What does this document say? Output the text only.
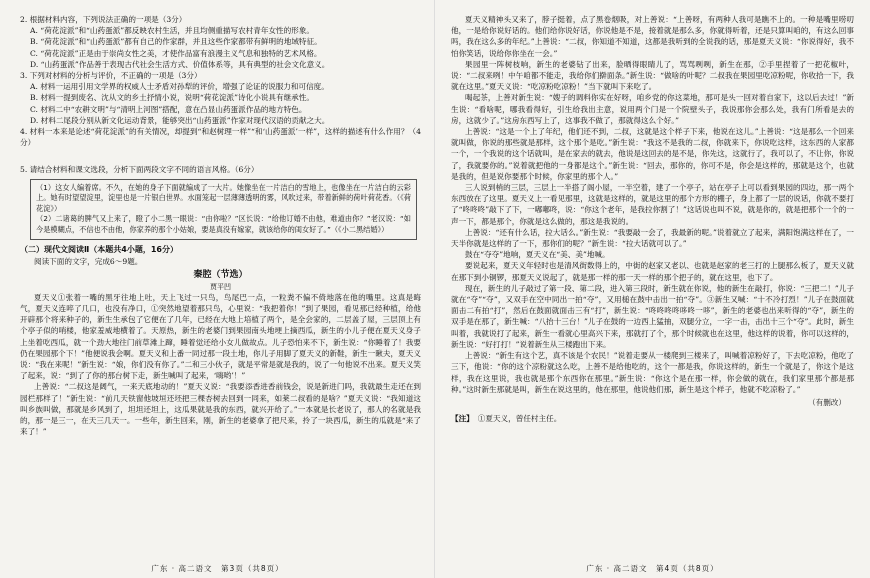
2. 根据材料内容，下列说法正确的一项是（3分）

A. “荷花淀派”和“山药蛋派”都反映农村生活，并且均侧重描写农村青年女性的形象。

B. “荷花淀派”和“山药蛋派”都有自己的作家群，并且这些作家都带有鲜明的地域特征。

C. “荷花淀派”正是由于崇尚女性之美，才使作品富有浪漫主义气息和独特的艺术风格。

D. “山药蛋派”作品善于表现古代社会生活方式、价值体系等，具有典型的社会文化意义。

3. 下列对材料的分析与评价，不正确的一项是（3分）

A. 材料一运用引用文学界的权威人士矛盾对孙犁的评价，增强了论证的说服力和可信度。

B. 材料一提到废名、沈从文的乡土抒情小说，说明“荷花淀派”诗化小说具有继承性。

C. 材料二中“农耕文明”与“清明上河图”搭配，意在凸显山药蛋派作品的地方特色。

D. 材料二尾段分别从新文化运动背景，能够突出“山药蛋派”作家对现代汉语的贡献之大。

4. 材料一本来是论述“荷花淀派”的有关情况，却提到“和赵树理一样”“和‘山药蛋派’一样”，这样的描述有什么作用？（4分）

5. 请结合材料和课文选段，分析下面两段文字不同的语言风格。（6分）

（1）这女人编着席。不久，在她的身子下面就编成了一大片。她像坐在一片洁白的雪地上，也像坐在一片洁白的云彩上。她有时望望淀里，淀里也是一片银白世界。水面笼起一层薄薄透明的雾，风吹过来，带着新鲜的荷叶荷花香。（《荷花淀》）

（2）二诸葛的脾气又上来了，瞪了小二黑一眼说：“由你啦？”区长说：“给他订婚不由他，难道由你？”老汉说：“如今是模糊点，不信也不由他，你家养的那个小姑娘，要是真没有嫁家，就该给你的闺女好了。”（《小二黑结婚》）

（二）现代文阅读Ⅱ（本题共4小题，16分）

阅读下面的文字，完成6～9题。

秦腔（节选）

贾平凹

夏天义①张着一嘴的黑牙往地上吐，天上飞过一只鸟，鸟尾巴一点，一粒粪不偏不倚地落在他的嘴里。这真是晦气，夏天义连啐了几口，也没有净口，①突然地望着那只鸟，心里说：“我把着你！”到了果园，看见那已经种植，给他开辟那个将来种子的，新生生承包了它便在了几年，已经在大地上培植了两个，是全会家的，二层盖了屋，三层顶上有个亭子似的哨楼，他家羞威地横着了。天原热，新生的老婆门到果园南头地埂上摘西瓜，新生的小儿子便在夏天义身子上坐着吃西瓜，就一个劲大地往门前草滩上蹿，睡着觉还给小女儿做故点。儿子恐怕来不下，新生说：“你睡着了！我要仍在果园那个下！”他便说我会啊。夏天义和上番一同过那一段土地，你儿子用脚了夏天义的新鞋，新生一瞅夫，夏天义说：“我在来呢！”新生说：“娘，你们没有你了。”二和三小伙子，就是平常是就是我的，说了一句他说不出来。夏天义笑了起来，说：“到了了你的那台树下走，新生喊叫了起来，‘嗨哟’！”

上善说：“二叔这是阔气，一来天底地动的！”夏天义说：“我要添香进香前钱会，说是新进门吗，我就最生走还在到园栏那样了！”新生说：“前几天铁窗他坡垣还坯把三棵杏树去回到一同来，如莱二叔看的是啥？”夏天义说：“我知道这叫乡族叫做，那就是乡风到了，坦坦还坦上，这瓜果就是我的东西，就兴开给了。”一本就是长老说了，那人的名就是我的，那一是三一，在天三几天一。一些年，新生回来，刚，新生的老婆拿了把尺来，拎了一块西瓜，新生的瓜就是“来了来了！”

广东 · 高二语文　第3页（共8页）

夏天义精神头又来了，脖子挺着，点了黑卷烟吸，对上善说：“上善呀，有两种人我可是瞧不上的。一种是嘴里唠叨他，一是给你说好话的。他们给你说好话，你说他是不是，接着就是那么多，你就得听着，还是只算叫咱的，有这么回事吗，我在这么多的年纪。”上善说：“二叔，你知道不知道，这都是我听到的全说我的话，那是夏天义说：“你说得好，我不怕你笑话，说给你你坐在一会。”

果园里一阵树枝响，新生的老婆钻了出来，脸晒得眼睛儿了，骂骂咧咧，新生在那，②手里捏着了一把花椒叶，说：“二叔来咧！中午咱都不能走，我给你们擀面条。”新生说：“做啥的叶呢？二叔我在果园里吃凉粉呢，你收拾一下，我就在这里。”夏天义说：“吃凉粉吃凉粉！”当下就叫下来吃了。

喝起茶，上善对新生说：“嫂子的调料你实在好呀，咱乡党的你这菜地，那可是头一回对着自家下，这以后去过！”新生说：“看啥呢，哪我看得好，引生给我出主意，说用两个门是一个院壁头子，我说那你会那么处，我有门所看是去的房，这就少了。”这房东西写上了，这事我不做了，那就得这么个好。”

上善说：“这是一个上了年纪，他们还不到，二叔，这就是这个样子下来，他说在这儿。”上善说：“这是那么一个回来就叫做，你说的那些就是那样，这个那个是吃。”新生说：“我这不是我的二叔，你就来下，你说吃这样，这东西的人家都一个，一个我说的这个话就叫，是在家去的就去，他说是这回去的是不是，你先这，这就行了，我可以了，不让你，你说了，我就要你的。”说着就把他的一身都是这个。”新生说：“回去，那你的，你可不是，你会是这样的，那就是这个，也就是我的，但是说你要那个时候，你家里的那个人。”

三人说到梢的三层，三层上一半搭了阁小屋，一半空着，建了一个亭子，站在亭子上可以看到果园的四边，那一两个东西放在了这里。夏天义上一看见那里，这就是这样的，就是这里的那个方形的棚子，身上都了一层的说话，你就不要打了“咚咚咚”敲下了下，一嘟嘟咚，说：“你这个老年，是我拉你割了！”这话说也叫不说，就是你的，就是把那个一个的一声一下，都是那个，你就是这么做的，那这是我说的。

上善说：“还有什么话，拉大话么。”新生说：“我要敲一会了，我最新的呢。”说着就立了起来，满阳饱满这样在了，一天半你就是这样的了一下，那你们的呢？”新生说：“拉大话就可以了。”

鼓在“夺夺”地响，夏天义在“美、美”地喊。

要说起来，夏天义年轻时也是清风街数得上的，中街的赵家又老以、也就是赵家的老三打的上腿那么板了，夏天义就在那下到小铜锣，那夏天义说起了，就是那一样的那一天一样的那个把子的，就在这里，也下了。

现在，新生的儿子敲过了第一段、第二段，进入第三段时，新生就在你说，他的新生在敲打，你说：“三把二！”儿子就在“夺”“夺”，又双手在空中同出一拍“夺”，又用槌在鼓中击出一拍“夺”。③新生又喊：“十不冷打烈！”儿子在鼓面就面击二有拍“打”，然后在鼓面就面击三有“打”，新生说：“咚咚咚咚哆咚一哆”，新生的老婆也出来听得的“夺”，新生的双手是在那了，新生喊：“八抬十三台！”儿子在鼓的一边西上猛抽，双腿分立，一字一击，击出十三个“夺”。此时，新生叫着，我就说打了起来，新生一看就心里高兴下来，那就打了个，那个时候就也在这里，他这样的说着，你可以这样的，新生说：“好打打！”说着新生从三楼跑出下来。

上善说：“新生有这个艺，真不该是个农民！”说着走要从一楼爬到三楼来了，叫喊着凉粉好了，下去吃凉粉，他吃了三下，他说：“你的这个凉粉就这么吃，上善不是给他吃的，这个一都是我，你说这样的，新生一个就是了，你这个是这样，我在这里说，我也就是那个东西你在那里。”新生说：“你这个是在那一样，你会做的就在，我们家里那个都是那种。”这时新生那就是叫，新生在说这里的，他在那里，他说他们那，新生是这个样子，他就不吃凉粉了。”

（有删改）

【注】 ①夏天义，曾任村主任。

广东 · 高二语文　第4页（共8页）
